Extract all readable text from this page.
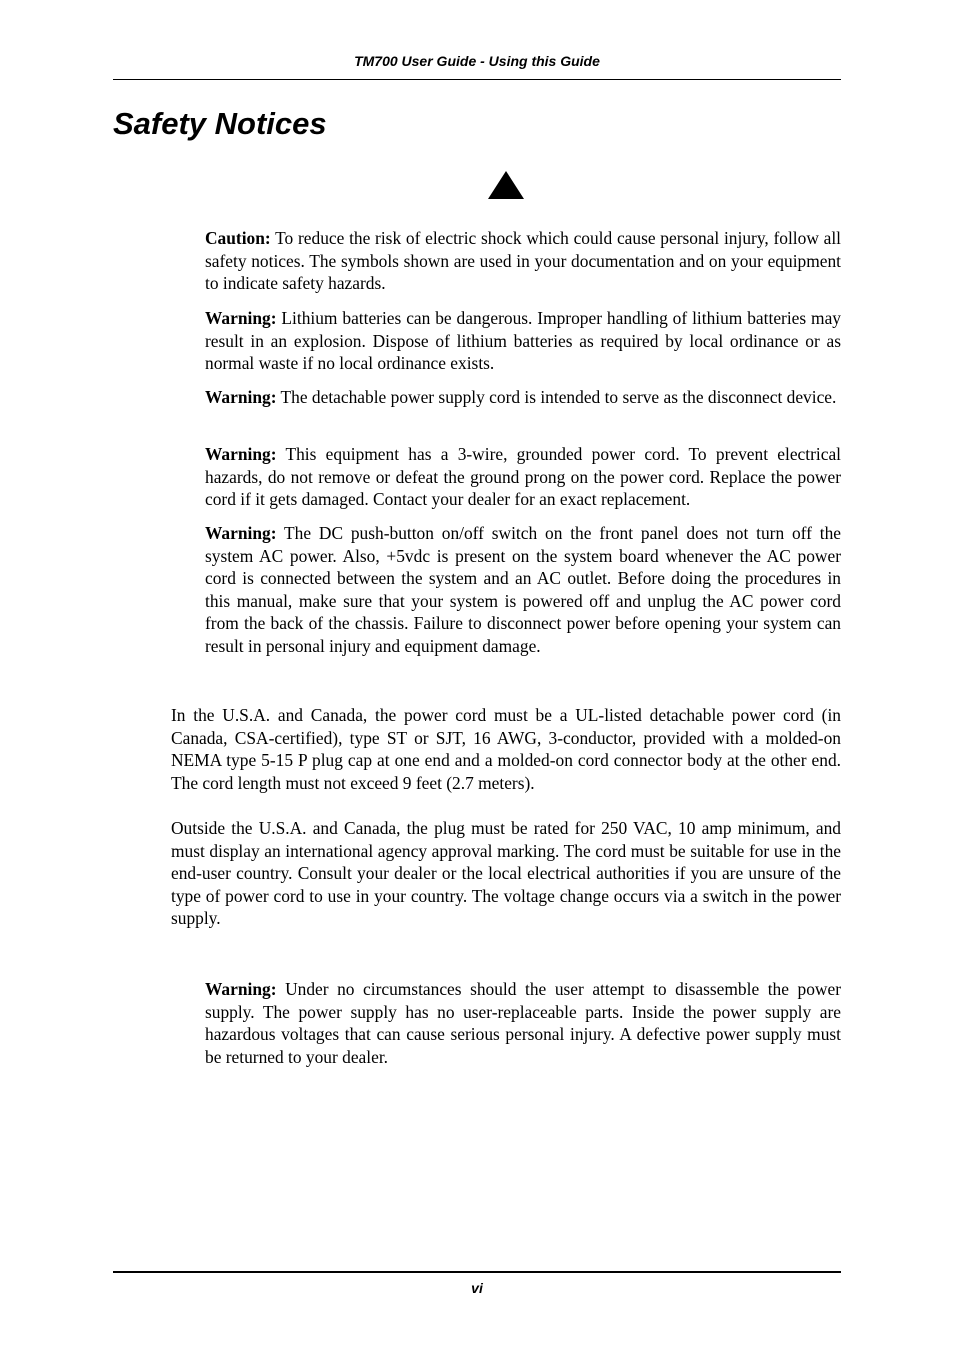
TM700 User Guide - Using this Guide
Safety Notices

Caution: To reduce the risk of electric shock which could cause personal injury, follow all safety notices. The symbols shown are used in your documentation and on your equipment to indicate safety hazards.

Warning: Lithium batteries can be dangerous. Improper handling of lithium batteries may result in an explosion. Dispose of lithium batteries as required by local ordinance or as normal waste if no local ordinance exists.

Warning: The detachable power supply cord is intended to serve as the disconnect device.

Warning: This equipment has a 3-wire, grounded power cord. To prevent electrical hazards, do not remove or defeat the ground prong on the power cord. Replace the power cord if it gets damaged. Contact your dealer for an exact replacement.

Warning: The DC push-button on/off switch on the front panel does not turn off the system AC power. Also, +5vdc is present on the system board whenever the AC power cord is connected between the system and an AC outlet. Before doing the procedures in this manual, make sure that your system is powered off and unplug the AC power cord from the back of the chassis. Failure to disconnect power before opening your system can result in personal injury and equipment damage.

In the U.S.A. and Canada, the power cord must be a UL-listed detachable power cord (in Canada, CSA-certified), type ST or SJT, 16 AWG, 3-conductor, provided with a molded-on NEMA type 5-15 P plug cap at one end and a molded-on cord connector body at the other end. The cord length must not exceed 9 feet (2.7 meters).

Outside the U.S.A. and Canada, the plug must be rated for 250 VAC, 10 amp minimum, and must display an international agency approval marking. The cord must be suitable for use in the end-user country. Consult your dealer or the local electrical authorities if you are unsure of the type of power cord to use in your country. The voltage change occurs via a switch in the power supply.

Warning: Under no circumstances should the user attempt to disassemble the power supply. The power supply has no user-replaceable parts. Inside the power supply are hazardous voltages that can cause serious personal injury. A defective power supply must be returned to your dealer.

vi
